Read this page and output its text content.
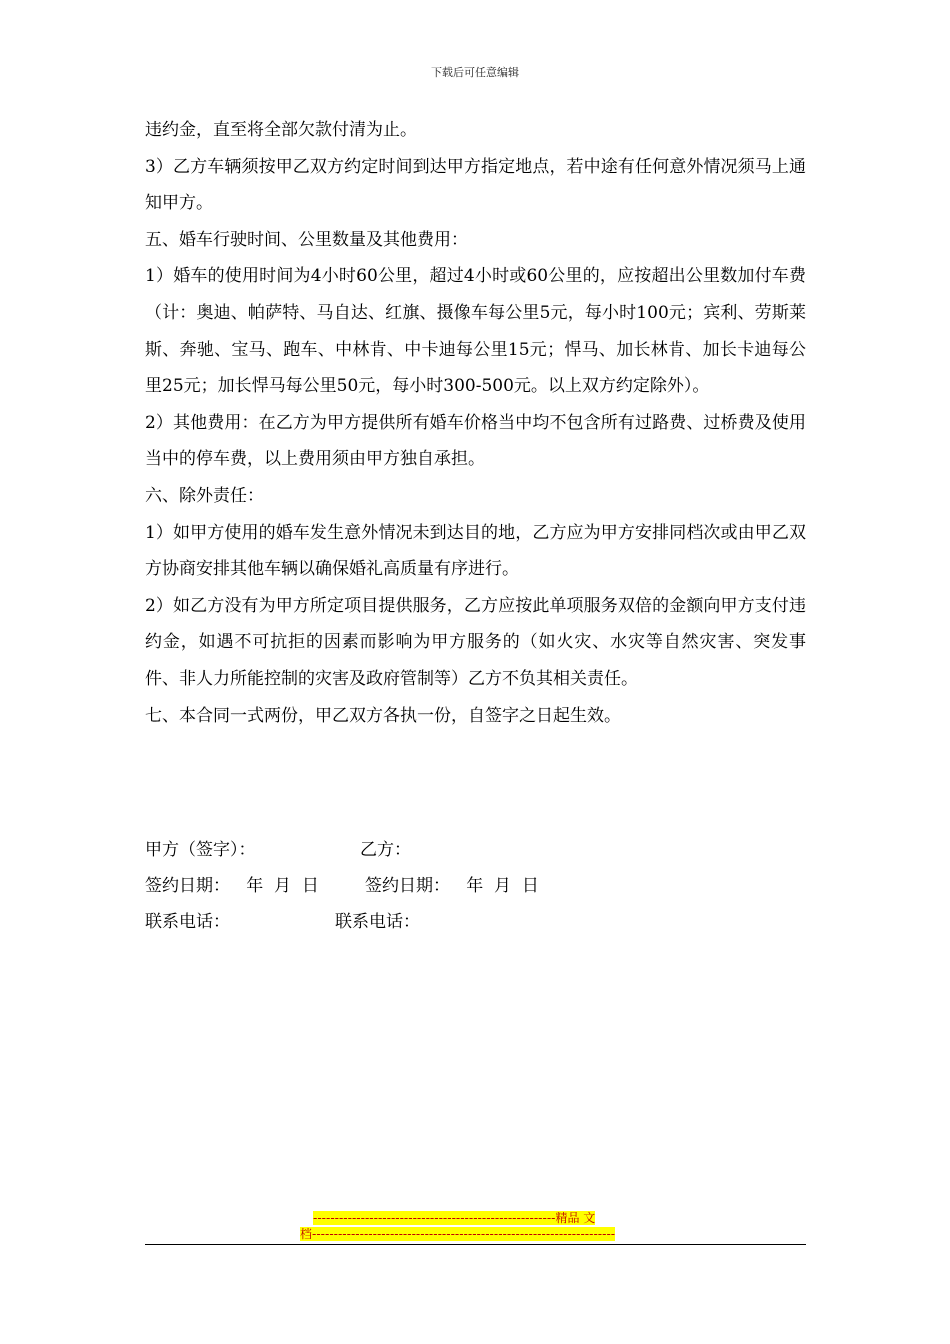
下载后可任意编辑

违约金，直至将全部欠款付清为止。

3）乙方车辆须按甲乙双方约定时间到达甲方指定地点，若中途有任何意外情况须马上通知甲方。

五、婚车行驶时间、公里数量及其他费用：

1）婚车的使用时间为4小时60公里，超过4小时或60公里的，应按超出公里数加付车费（计：奥迪、帕萨特、马自达、红旗、摄像车每公里5元，每小时100元；宾利、劳斯莱斯、奔驰、宝马、跑车、中林肯、中卡迪每公里15元；悍马、加长林肯、加长卡迪每公里25元；加长悍马每公里50元，每小时300-500元。以上双方约定除外）。

2）其他费用：在乙方为甲方提供所有婚车价格当中均不包含所有过路费、过桥费及使用当中的停车费，以上费用须由甲方独自承担。

六、除外责任：

1）如甲方使用的婚车发生意外情况未到达目的地，乙方应为甲方安排同档次或由甲乙双方协商安排其他车辆以确保婚礼高质量有序进行。

2）如乙方没有为甲方所定项目提供服务，乙方应按此单项服务双倍的金额向甲方支付违约金，如遇不可抗拒的因素而影响为甲方服务的（如火灾、水灾等自然灾害、突发事件、非人力所能控制的灾害及政府管制等）乙方不负其相关责任。

七、本合同一式两份，甲乙双方各执一份，自签字之日起生效。

甲方（签字）：	乙方：
签约日期：   年  月  日	签约日期：   年  月  日
联系电话：	联系电话：
--------------------------------------------------------精品 文
档----------------------------------------------------------------------
